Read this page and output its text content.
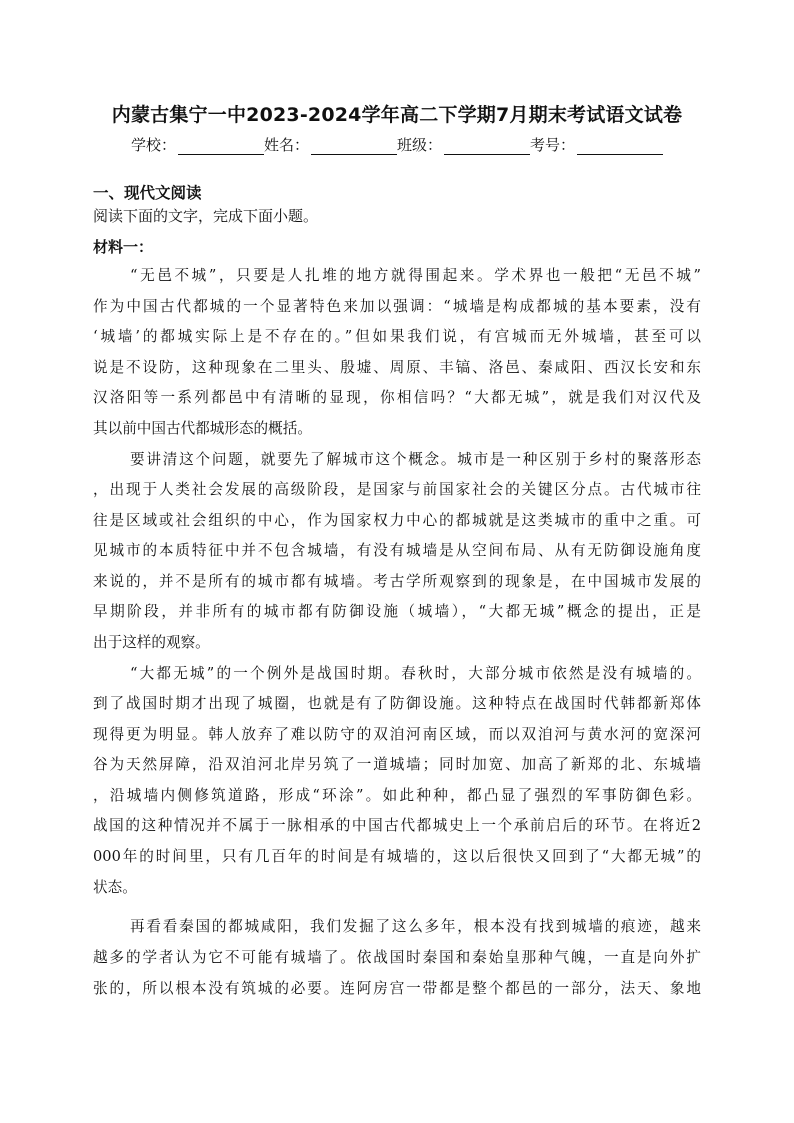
内蒙古集宁一中2023-2024学年高二下学期7月期末考试语文试卷
学校：	姓名：	班级：	考号：
一、现代文阅读
阅读下面的文字，完成下面小题。
材料一：
“无邑不城”，只要是人扎堆的地方就得围起来。学术界也一般把“无邑不城”
作为中国古代都城的一个显著特色来加以强调：“城墙是构成都城的基本要素，没有
‘城墙’的都城实际上是不存在的。”但如果我们说，有宫城而无外城墙，甚至可以
说是不设防，这种现象在二里头、殷墟、周原、丰镐、洛邑、秦咸阳、西汉长安和东
汉洛阳等一系列都邑中有清晰的显现，你相信吗？“大都无城”，就是我们对汉代及
其以前中国古代都城形态的概括。
要讲清这个问题，就要先了解城市这个概念。城市是一种区别于乡村的聚落形态
，出现于人类社会发展的高级阶段，是国家与前国家社会的关键区分点。古代城市往
往是区域或社会组织的中心，作为国家权力中心的都城就是这类城市的重中之重。可
见城市的本质特征中并不包含城墙，有没有城墙是从空间布局、从有无防御设施角度
来说的，并不是所有的城市都有城墙。考古学所观察到的现象是，在中国城市发展的
早期阶段，并非所有的城市都有防御设施（城墙），“大都无城”概念的提出，正是
出于这样的观察。
“大都无城”的一个例外是战国时期。春秋时，大部分城市依然是没有城墙的。
到了战国时期才出现了城圈，也就是有了防御设施。这种特点在战国时代韩都新郑体
现得更为明显。韩人放弃了难以防守的双洎河南区域，而以双洎河与黄水河的宽深河
谷为天然屏障，沿双洎河北岸另筑了一道城墙；同时加宽、加高了新郑的北、东城墙
，沿城墙内侧修筑道路，形成“环涂”。如此种种，都凸显了强烈的军事防御色彩。
战国的这种情况并不属于一脉相承的中国古代都城史上一个承前启后的环节。在将近2
000年的时间里，只有几百年的时间是有城墙的，这以后很快又回到了“大都无城”的
状态。
再看看秦国的都城咸阳，我们发掘了这么多年，根本没有找到城墙的痕迹，越来
越多的学者认为它不可能有城墙了。依战国时秦国和秦始皇那种气魄，一直是向外扩
张的，所以根本没有筑城的必要。连阿房宫一带都是整个都邑的一部分，法天、象地
